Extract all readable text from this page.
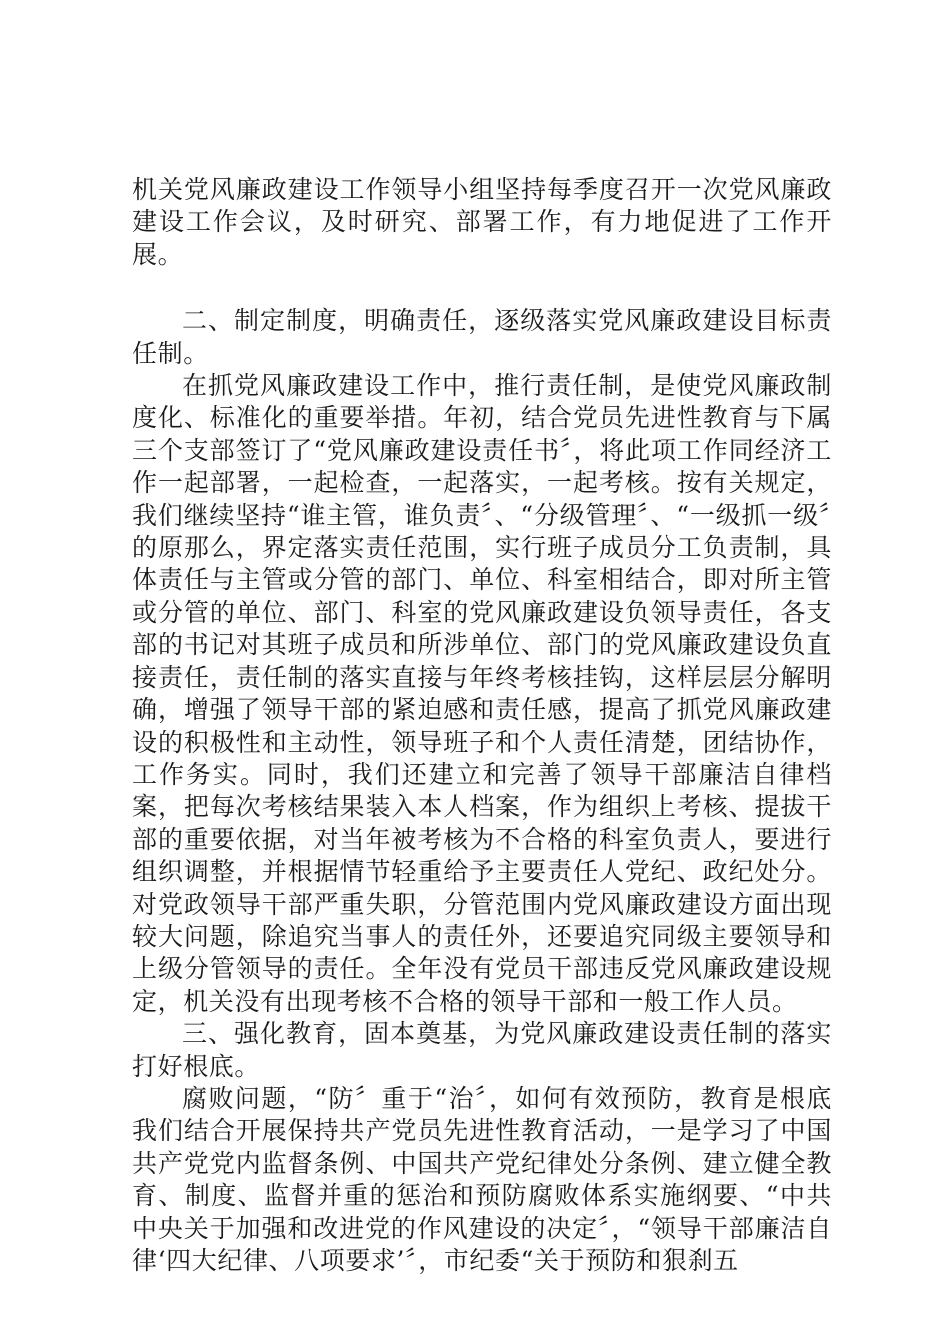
机关党风廉政建设工作领导小组坚持每季度召开一次党风廉政建设工作会议，及时研究、部署工作，有力地促进了工作开展。

二、制定制度，明确责任，逐级落实党风廉政建设目标责任制。

在抓党风廉政建设工作中，推行责任制，是使党风廉政制度化、标准化的重要举措。年初，结合党员先进性教育与下属三个支部签订了“党风廉政建设责任书〞，将此项工作同经济工作一起部署，一起检查，一起落实，一起考核。按有关规定，我们继续坚持“谁主管，谁负责〞、“分级管理〞、“一级抓一级〞的原那么，界定落实责任范围，实行班子成员分工负责制，具体责任与主管或分管的部门、单位、科室相结合，即对所主管或分管的单位、部门、科室的党风廉政建设负领导责任，各支部的书记对其班子成员和所涉单位、部门的党风廉政建设负直接责任，责任制的落实直接与年终考核挂钩，这样层层分解明确，增强了领导干部的紧迫感和责任感，提高了抓党风廉政建设的积极性和主动性，领导班子和个人责任清楚，团结协作，工作务实。同时，我们还建立和完善了领导干部廉洁自律档案，把每次考核结果装入本人档案，作为组织上考核、提拔干部的重要依据，对当年被考核为不合格的科室负责人，要进行组织调整，并根据情节轻重给予主要责任人党纪、政纪处分。对党政领导干部严重失职，分管范围内党风廉政建设方面出现较大问题，除追究当事人的责任外，还要追究同级主要领导和上级分管领导的责任。全年没有党员干部违反党风廉政建设规定，机关没有出现考核不合格的领导干部和一般工作人员。

三、强化教育，固本奠基，为党风廉政建设责任制的落实打好根底。

腐败问题，“防〞重于“治〞，如何有效预防，教育是根底我们结合开展保持共产党员先进性教育活动，一是学习了中国共产党党内监督条例、中国共产党纪律处分条例、建立健全教育、制度、监督并重的惩治和预防腐败体系实施纲要、“中共中央关于加强和改进党的作风建设的决定〞，“领导干部廉洁自律‘四大纪律、八项要求’〞，市纪委“关于预防和狠刹五
